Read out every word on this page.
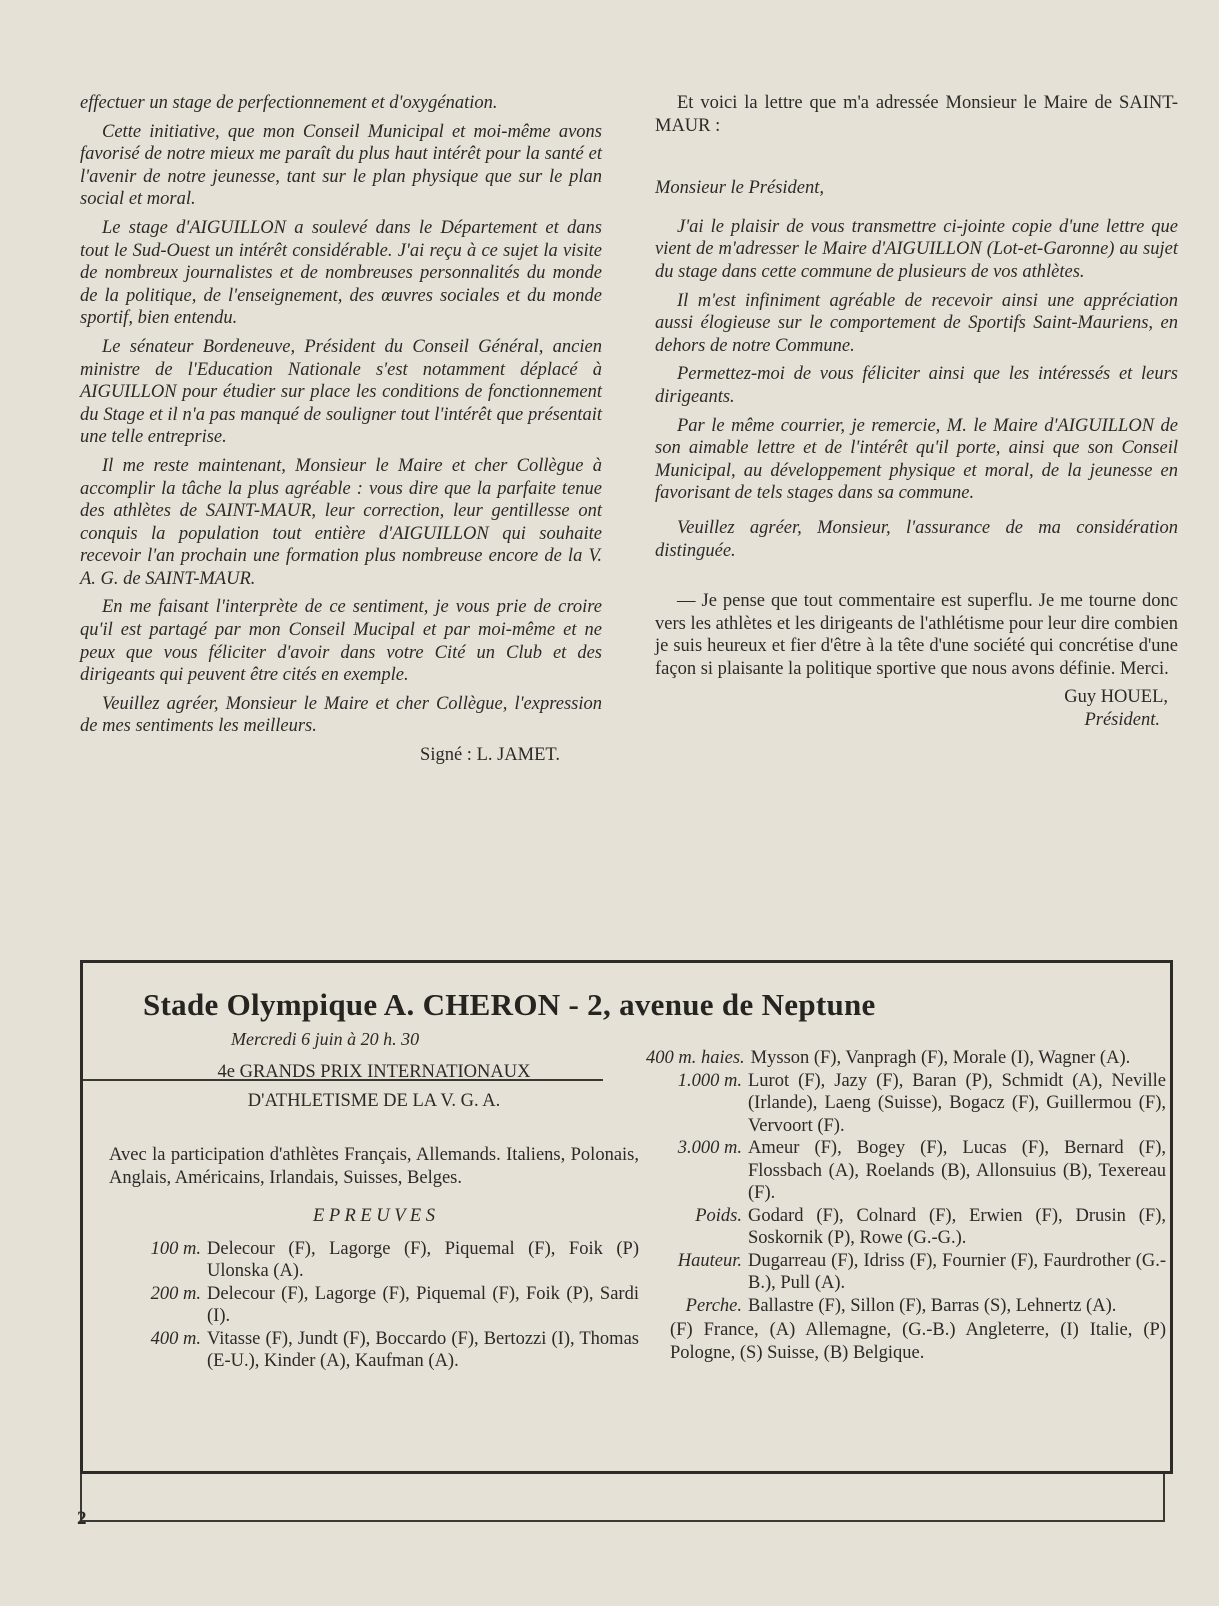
effectuer un stage de perfectionnement et d'oxygénation.

Cette initiative, que mon Conseil Municipal et moi-même avons favorisé de notre mieux me paraît du plus haut intérêt pour la santé et l'avenir de notre jeunesse, tant sur le plan physique que sur le plan social et moral.

Le stage d'AIGUILLON a soulevé dans le Département et dans tout le Sud-Ouest un intérêt considérable. J'ai reçu à ce sujet la visite de nombreux journalistes et de nombreuses personnalités du monde de la politique, de l'enseignement, des œuvres sociales et du monde sportif, bien entendu.

Le sénateur Bordeneuve, Président du Conseil Général, ancien ministre de l'Education Nationale s'est notamment déplacé à AIGUILLON pour étudier sur place les conditions de fonctionnement du Stage et il n'a pas manqué de souligner tout l'intérêt que présentait une telle entreprise.

Il me reste maintenant, Monsieur le Maire et cher Collègue à accomplir la tâche la plus agréable : vous dire que la parfaite tenue des athlètes de SAINT-MAUR, leur correction, leur gentillesse ont conquis la population tout entière d'AIGUILLON qui souhaite recevoir l'an prochain une formation plus nombreuse encore de la V. A. G. de SAINT-MAUR.

En me faisant l'interprète de ce sentiment, je vous prie de croire qu'il est partagé par mon Conseil Mucipal et par moi-même et ne peux que vous féliciter d'avoir dans votre Cité un Club et des dirigeants qui peuvent être cités en exemple.

Veuillez agréer, Monsieur le Maire et cher Collègue, l'expression de mes sentiments les meilleurs.

Signé : L. JAMET.

Et voici la lettre que m'a adressée Monsieur le Maire de SAINT-MAUR :

Monsieur le Président,

J'ai le plaisir de vous transmettre ci-jointe copie d'une lettre que vient de m'adresser le Maire d'AIGUILLON (Lot-et-Garonne) au sujet du stage dans cette commune de plusieurs de vos athlètes.

Il m'est infiniment agréable de recevoir ainsi une appréciation aussi élogieuse sur le comportement de Sportifs Saint-Mauriens, en dehors de notre Commune.

Permettez-moi de vous féliciter ainsi que les intéressés et leurs dirigeants.

Par le même courrier, je remercie, M. le Maire d'AIGUILLON de son aimable lettre et de l'intérêt qu'il porte, ainsi que son Conseil Municipal, au développement physique et moral, de la jeunesse en favorisant de tels stages dans sa commune.

Veuillez agréer, Monsieur, l'assurance de ma considération distinguée.

— Je pense que tout commentaire est superflu. Je me tourne donc vers les athlètes et les dirigeants de l'athlétisme pour leur dire combien je suis heureux et fier d'être à la tête d'une société qui concrétise d'une façon si plaisante la politique sportive que nous avons définie. Merci.

Guy HOUEL,

Président.

Stade Olympique A. CHERON - 2, avenue de Neptune
Mercredi 6 juin à 20 h. 30
4e GRANDS PRIX INTERNATIONAUX
D'ATHLETISME DE LA V. G. A.
Avec la participation d'athlètes Français, Allemands. Italiens, Polonais, Anglais, Américains, Irlandais, Suisses, Belges.
E P R E U V E S
100 m. Delecour (F), Lagorge (F), Piquemal (F), Foik (P) Ulonska (A).
200 m. Delecour (F), Lagorge (F), Piquemal (F), Foik (P), Sardi (I).
400 m. Vitasse (F), Jundt (F), Boccardo (F), Bertozzi (I), Thomas (E-U.), Kinder (A), Kaufman (A).
400 m. haies. Mysson (F), Vanpragh (F), Morale (I), Wagner (A).
1.000 m. Lurot (F), Jazy (F), Baran (P), Schmidt (A), Neville (Irlande), Laeng (Suisse), Bogacz (F), Guillermou (F), Vervoort (F).
3.000 m. Ameur (F), Bogey (F), Lucas (F), Bernard (F), Flossbach (A), Roelands (B), Allonsuius (B), Texereau (F).
Poids. Godard (F), Colnard (F), Erwien (F), Drusin (F), Soskornik (P), Rowe (G.-G.).
Hauteur. Dugarreau (F), Idriss (F), Fournier (F), Faurdrother (G.-B.), Pull (A).
Perche. Ballastre (F), Sillon (F), Barras (S), Lehnertz (A).
(F) France, (A) Allemagne, (G.-B.) Angleterre, (I) Italie, (P) Pologne, (S) Suisse, (B) Belgique.
2
